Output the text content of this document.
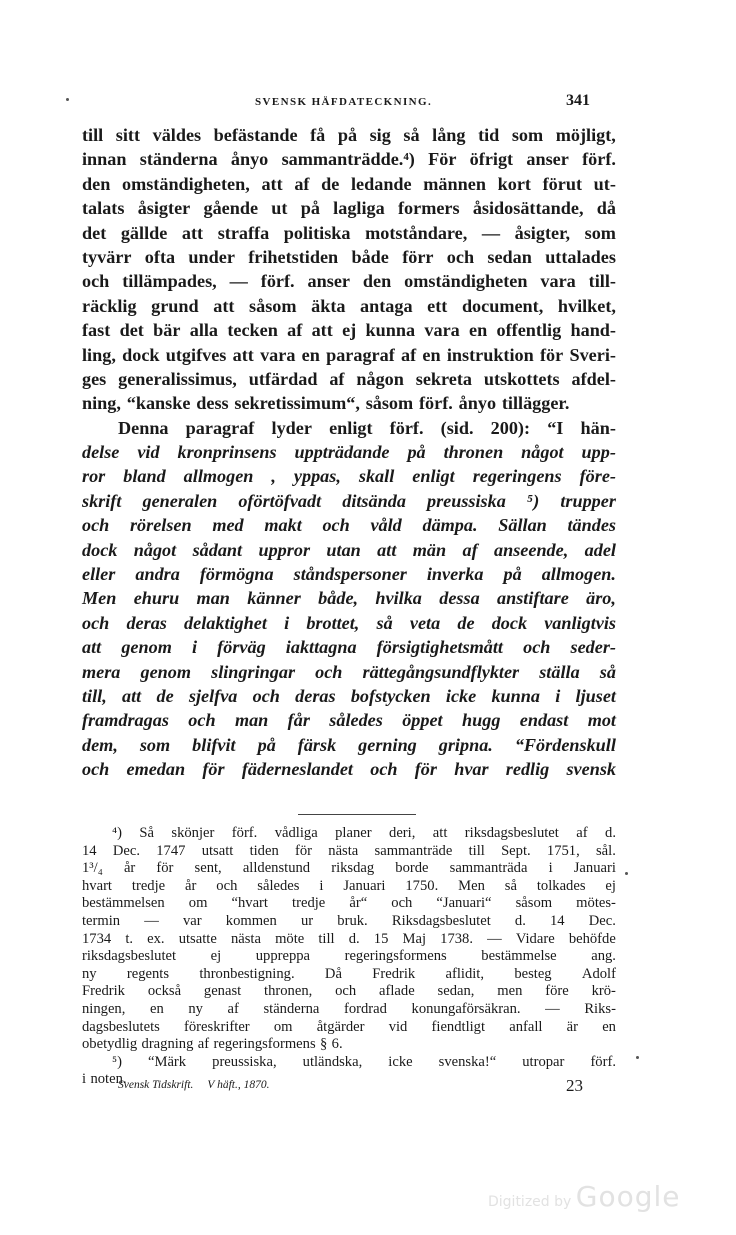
SVENSK HÄFDATECKNING.	341
till sitt väldes befästande få på sig så lång tid som möjligt,
innan ständerna ånyo sammanträdde.⁴) För öfrigt anser förf.
den omständigheten, att af de ledande männen kort förut ut-
talats åsigter gående ut på lagliga formers åsidosättande, då
det gällde att straffa politiska motståndare, — åsigter, som
tyvärr ofta under frihetstiden både förr och sedan uttalades
och tillämpades, — förf. anser den omständigheten vara till-
räcklig grund att såsom äkta antaga ett document, hvilket,
fast det bär alla tecken af att ej kunna vara en offentlig hand-
ling, dock utgifves att vara en paragraf af en instruktion för Sveri-
ges generalissimus, utfärdad af någon sekreta utskottets afdel-
ning, “kanske dess sekretissimum“, såsom förf. ånyo tillägger.
Denna paragraf lyder enligt förf. (sid. 200): “I hän-
delse vid kronprinsens uppträdande på thronen något upp-
ror bland allmogen , yppas, skall enligt regeringens före-
skrift generalen oförtöfvadt ditsända preussiska ⁵) trupper
och rörelsen med makt och våld dämpa. Sällan tändes
dock något sådant uppror utan att män af anseende, adel
eller andra förmögna ståndspersoner inverka på allmogen.
Men ehuru man känner både, hvilka dessa anstiftare äro,
och deras delaktighet i brottet, så veta de dock vanligtvis
att genom i förväg iakttagna försigtighetsmått och seder-
mera genom slingringar och rättegångsundflykter ställa så
till, att de sjelfva och deras bofstycken icke kunna i ljuset
framdragas och man får således öppet hugg endast mot
dem, som blifvit på färsk gerning gripna. “Fördenskull
och emedan för fäderneslandet och för hvar redlig svensk
⁴) Så skönjer förf. vådliga planer deri, att riksdagsbeslutet af d.
14 Dec. 1747 utsatt tiden för nästa sammanträde till Sept. 1751, sål.
1³/₄ år för sent, alldenstund riksdag borde sammanträda i Januari
hvart tredje år och således i Januari 1750. Men så tolkades ej
bestämmelsen om “hvart tredje år“ och “Januari“ såsom mötes-
termin — var kommen ur bruk. Riksdagsbeslutet d. 14 Dec.
1734 t. ex. utsatte nästa möte till d. 15 Maj 1738. — Vidare behöfde
riksdagsbeslutet ej uppreppa regeringsformens bestämmelse ang.
ny regents thronbestigning. Då Fredrik aflidit, besteg Adolf
Fredrik också genast thronen, och aflade sedan, men före krö-
ningen, en ny af ständerna fordrad konungaförsäkran. — Riks-
dagsbeslutets föreskrifter om åtgärder vid fiendtligt anfall är en
obetydlig dragning af regeringsformens § 6.
⁵) “Märk preussiska, utländska, icke svenska!“ utropar förf.
i noten.
Svensk Tidskrift. V häft., 1870.	23
Digitized by Google
